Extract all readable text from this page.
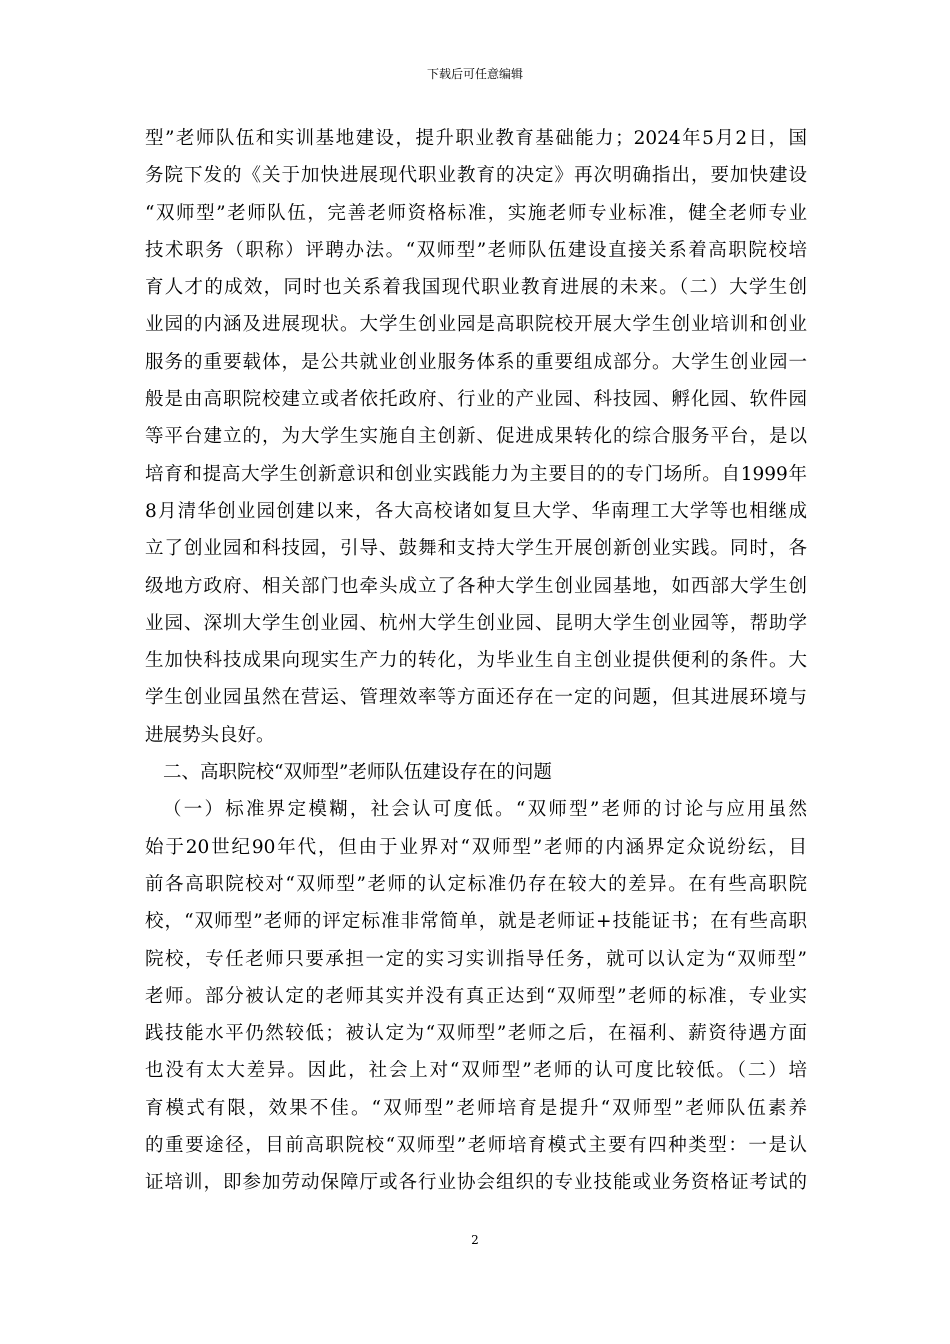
下载后可任意编辑
型”老师队伍和实训基地建设，提升职业教育基础能力；2024年5月2日，国
务院下发的《关于加快进展现代职业教育的决定》再次明确指出，要加快建设
“双师型”老师队伍，完善老师资格标准，实施老师专业标准，健全老师专业
技术职务（职称）评聘办法。“双师型”老师队伍建设直接关系着高职院校培
育人才的成效，同时也关系着我国现代职业教育进展的未来。（二）大学生创
业园的内涵及进展现状。大学生创业园是高职院校开展大学生创业培训和创业
服务的重要载体，是公共就业创业服务体系的重要组成部分。大学生创业园一
般是由高职院校建立或者依托政府、行业的产业园、科技园、孵化园、软件园
等平台建立的，为大学生实施自主创新、促进成果转化的综合服务平台，是以
培育和提高大学生创新意识和创业实践能力为主要目的的专门场所。自1999年
8月清华创业园创建以来，各大高校诸如复旦大学、华南理工大学等也相继成
立了创业园和科技园，引导、鼓舞和支持大学生开展创新创业实践。同时，各
级地方政府、相关部门也牵头成立了各种大学生创业园基地，如西部大学生创
业园、深圳大学生创业园、杭州大学生创业园、昆明大学生创业园等，帮助学
生加快科技成果向现实生产力的转化，为毕业生自主创业提供便利的条件。大
学生创业园虽然在营运、管理效率等方面还存在一定的问题，但其进展环境与
进展势头良好。
二、高职院校“双师型”老师队伍建设存在的问题
（一）标准界定模糊，社会认可度低。“双师型”老师的讨论与应用虽然
始于20世纪90年代，但由于业界对“双师型”老师的内涵界定众说纷纭，目
前各高职院校对“双师型”老师的认定标准仍存在较大的差异。在有些高职院
校，“双师型”老师的评定标准非常简单，就是老师证+技能证书；在有些高职
院校，专任老师只要承担一定的实习实训指导任务，就可以认定为“双师型”
老师。部分被认定的老师其实并没有真正达到“双师型”老师的标准，专业实
践技能水平仍然较低；被认定为“双师型”老师之后，在福利、薪资待遇方面
也没有太大差异。因此，社会上对“双师型”老师的认可度比较低。（二）培
育模式有限，效果不佳。“双师型”老师培育是提升“双师型”老师队伍素养
的重要途径，目前高职院校“双师型”老师培育模式主要有四种类型：一是认
证培训，即参加劳动保障厅或各行业协会组织的专业技能或业务资格证考试的
2
